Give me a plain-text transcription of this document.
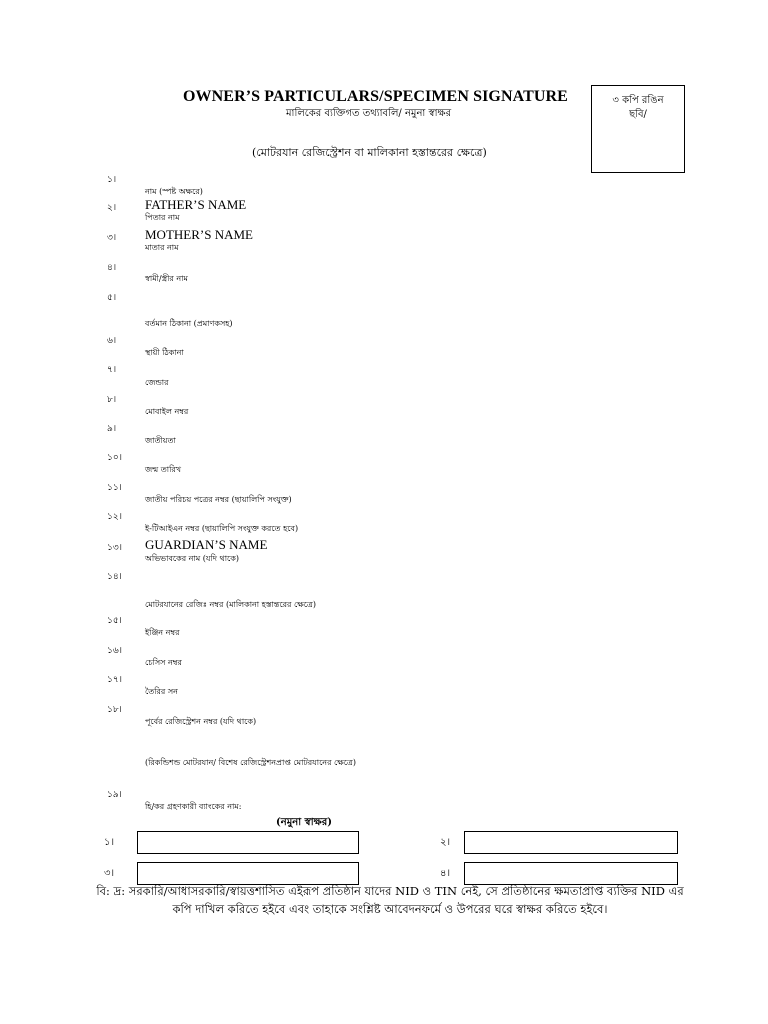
OWNER’S PARTICULARS/SPECIMEN SIGNATURE
মালিকের ব্যক্তিগত তথ্যাবলি/ নমুনা স্বাক্ষর
(মোটরযান রেজিস্ট্রেশন বা মালিকানা হস্তান্তরের ক্ষেত্রে)
৩ কপি রঙিন ছবি/
১।
নাম (স্পষ্ট অক্ষরে)
২। FATHER’S NAME
পিতার নাম
৩। MOTHER’S NAME
মাতার নাম
৪।
স্বামী/স্ত্রীর নাম
৫।
বর্তমান ঠিকানা (প্রমাণকসহ)
৬।
স্থায়ী ঠিকানা
৭।
জেন্ডার
৮।
মোবাইল নম্বর
৯।
জাতীয়তা
১০।
জন্ম তারিখ
১১।
জাতীয় পরিচয় পত্রের নম্বর (ছায়ালিপি সংযুক্ত)
১২।
ই-টিআইএন নম্বর (ছায়ালিপি সংযুক্ত করতে হবে)
১৩। GUARDIAN’S NAME
অভিভাবকের নাম (যদি থাকে)
১৪।
মোটরযানের রেজিঃ নম্বর (মালিকানা হস্তান্তরের ক্ষেত্রে)
১৫।
ইঞ্জিন নম্বর
১৬।
চেসিস নম্বর
১৭।
তৈরির সন
১৮।
পূর্বের রেজিস্ট্রেশন নম্বর (যদি থাকে)
(রিকন্ডিশন্ড মোটরযান/ বিশেষ রেজিস্ট্রেশনপ্রাপ্ত মোটরযানের ক্ষেত্রে)
১৯।
হি/কর গ্রহণকারী ব্যাংকের নাম:
(নমুনা স্বাক্ষর)
১।	২।
৩।	৪।
বি: দ্র: সরকারি/আধাসরকারি/স্বায়ত্তশাসিত এইরূপ প্রতিষ্ঠান যাদের NID ও TIN নেই, সে প্রতিষ্ঠানের ক্ষমতাপ্রাপ্ত ব্যক্তির NID এর কপি দাখিল করিতে হইবে এবং তাহাকে সংশ্লিষ্ট আবেদনফর্মে ও উপরের ঘরে স্বাক্ষর করিতে হইবে।
